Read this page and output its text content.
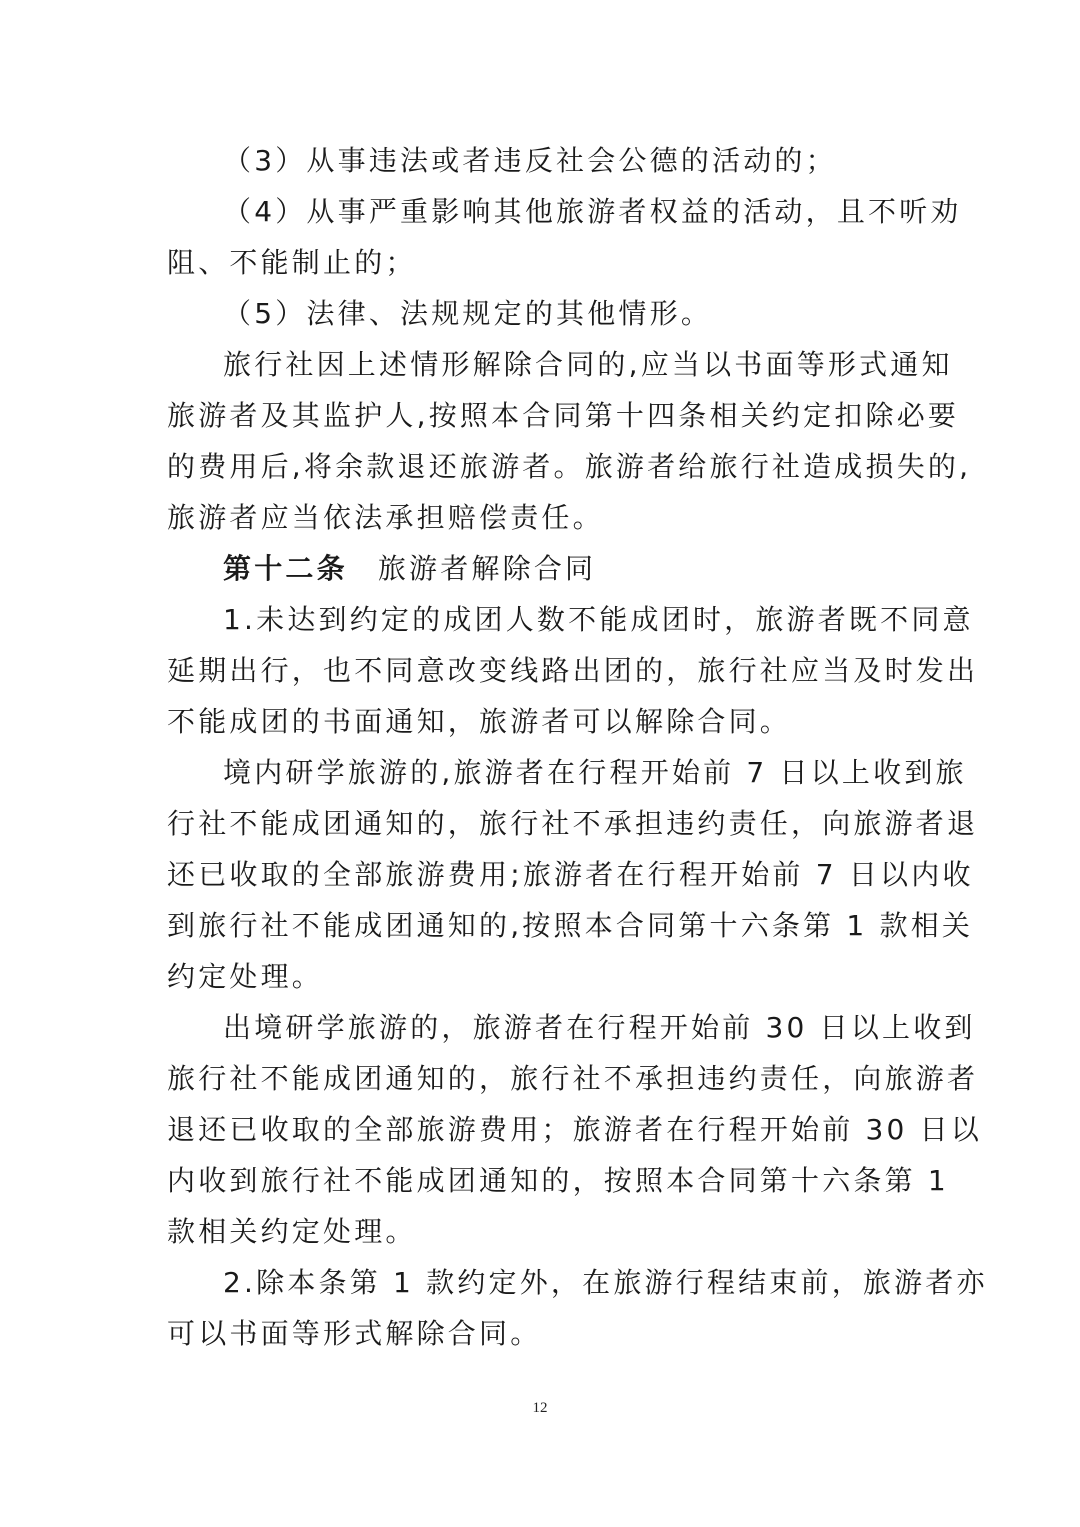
（3）从事违法或者违反社会公德的活动的；
（4）从事严重影响其他旅游者权益的活动，且不听劝
阻、不能制止的；
（5）法律、法规规定的其他情形。
旅行社因上述情形解除合同的,应当以书面等形式通知
旅游者及其监护人,按照本合同第十四条相关约定扣除必要
的费用后,将余款退还旅游者。旅游者给旅行社造成损失的,
旅游者应当依法承担赔偿责任。
第十二条 旅游者解除合同
1.未达到约定的成团人数不能成团时，旅游者既不同意
延期出行，也不同意改变线路出团的，旅行社应当及时发出
不能成团的书面通知，旅游者可以解除合同。
境内研学旅游的,旅游者在行程开始前 7 日以上收到旅
行社不能成团通知的，旅行社不承担违约责任，向旅游者退
还已收取的全部旅游费用;旅游者在行程开始前 7 日以内收
到旅行社不能成团通知的,按照本合同第十六条第 1 款相关
约定处理。
出境研学旅游的，旅游者在行程开始前 30 日以上收到
旅行社不能成团通知的，旅行社不承担违约责任，向旅游者
退还已收取的全部旅游费用；旅游者在行程开始前 30 日以
内收到旅行社不能成团通知的，按照本合同第十六条第 1
款相关约定处理。
2.除本条第 1 款约定外，在旅游行程结束前，旅游者亦
可以书面等形式解除合同。
12
